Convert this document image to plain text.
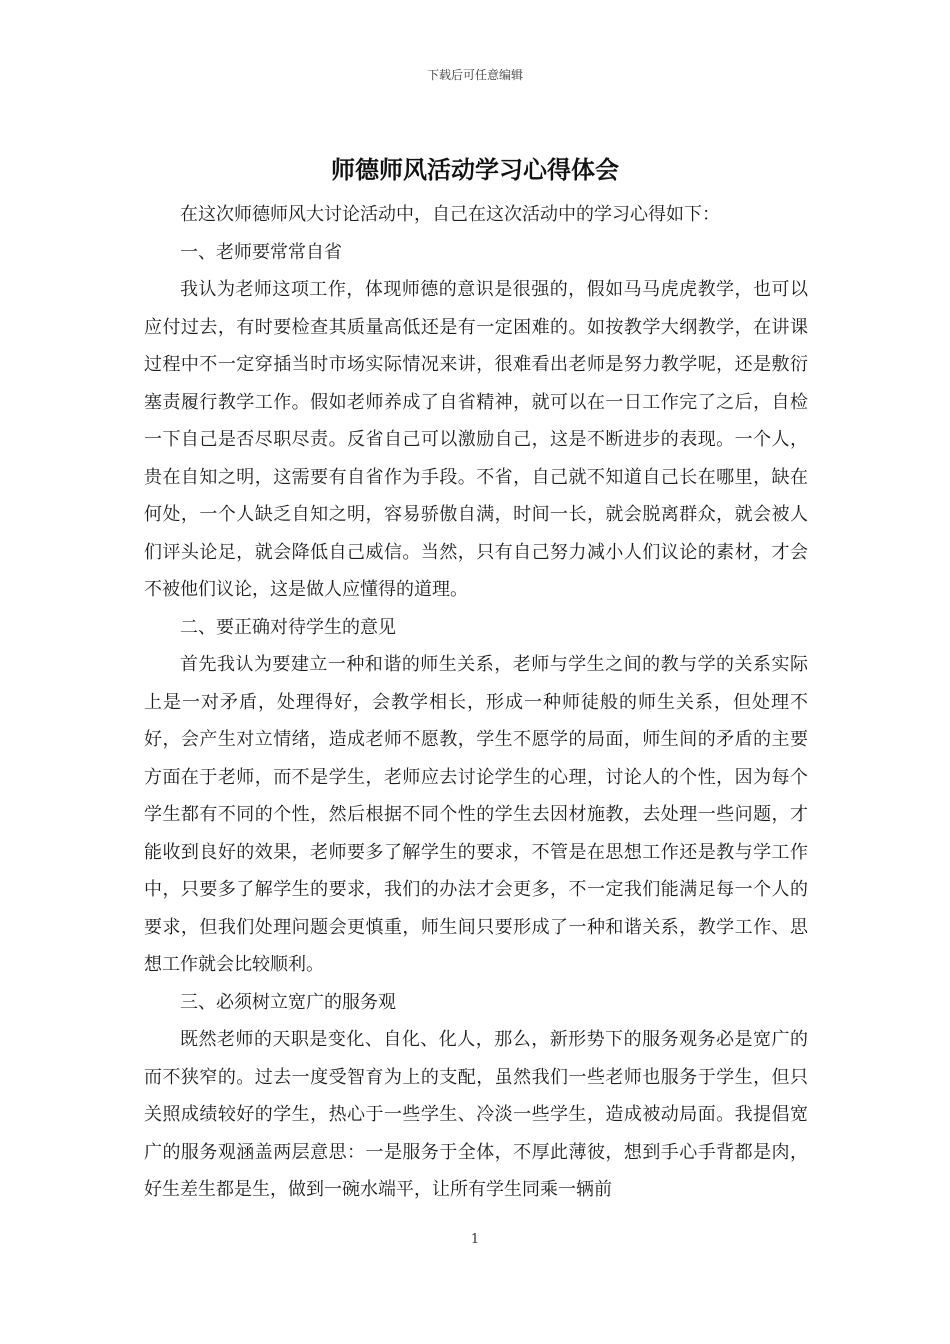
下载后可任意编辑
师德师风活动学习心得体会

在这次师德师风大讨论活动中，自己在这次活动中的学习心得如下：

一、老师要常常自省

我认为老师这项工作，体现师德的意识是很强的，假如马马虎虎教学，也可以应付过去，有时要检查其质量高低还是有一定困难的。如按教学大纲教学，在讲课过程中不一定穿插当时市场实际情况来讲，很难看出老师是努力教学呢，还是敷衍塞责履行教学工作。假如老师养成了自省精神，就可以在一日工作完了之后，自检一下自己是否尽职尽责。反省自己可以激励自己，这是不断进步的表现。一个人，贵在自知之明，这需要有自省作为手段。不省，自己就不知道自己长在哪里，缺在何处，一个人缺乏自知之明，容易骄傲自满，时间一长，就会脱离群众，就会被人们评头论足，就会降低自己威信。当然，只有自己努力减小人们议论的素材，才会不被他们议论，这是做人应懂得的道理。

二、要正确对待学生的意见

首先我认为要建立一种和谐的师生关系，老师与学生之间的教与学的关系实际上是一对矛盾，处理得好，会教学相长，形成一种师徒般的师生关系，但处理不好，会产生对立情绪，造成老师不愿教，学生不愿学的局面，师生间的矛盾的主要方面在于老师，而不是学生，老师应去讨论学生的心理，讨论人的个性，因为每个学生都有不同的个性，然后根据不同个性的学生去因材施教，去处理一些问题，才能收到良好的效果，老师要多了解学生的要求，不管是在思想工作还是教与学工作中，只要多了解学生的要求，我们的办法才会更多，不一定我们能满足每一个人的要求，但我们处理问题会更慎重，师生间只要形成了一种和谐关系，教学工作、思想工作就会比较顺利。

三、必须树立宽广的服务观

既然老师的天职是变化、自化、化人，那么，新形势下的服务观务必是宽广的而不狭窄的。过去一度受智育为上的支配，虽然我们一些老师也服务于学生，但只关照成绩较好的学生，热心于一些学生、冷淡一些学生，造成被动局面。我提倡宽广的服务观涵盖两层意思：一是服务于全体，不厚此薄彼，想到手心手背都是肉，好生差生都是生，做到一碗水端平，让所有学生同乘一辆前

1
